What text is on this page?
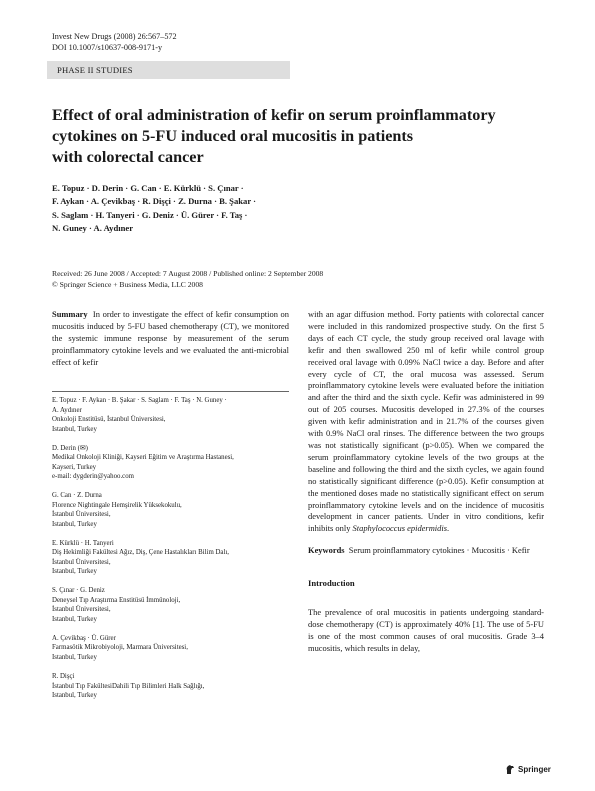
Invest New Drugs (2008) 26:567–572
DOI 10.1007/s10637-008-9171-y
PHASE II STUDIES
Effect of oral administration of kefir on serum proinflammatory
cytokines on 5-FU induced oral mucositis in patients
with colorectal cancer
E. Topuz · D. Derin · G. Can · E. Kürklü · S. Çınar ·
F. Aykan · A. Çevikbaş · R. Dişçi · Z. Durna · B. Şakar ·
S. Saglam · H. Tanyeri · G. Deniz · Ü. Gürer · F. Taş ·
N. Guney · A. Aydıner
Received: 26 June 2008 / Accepted: 7 August 2008 / Published online: 2 September 2008
© Springer Science + Business Media, LLC 2008
Summary In order to investigate the effect of kefir consumption on mucositis induced by 5-FU based chemotherapy (CT), we monitored the systemic immune response by measurement of the serum proinflammatory cytokine levels and we evaluated the anti-microbial effect of kefir
E. Topuz · F. Aykan · B. Şakar · S. Saglam · F. Taş · N. Guney ·
A. Aydıner
Onkoloji Enstitüsü, İstanbul Üniversitesi,
Istanbul, Turkey
D. Derin (✉)
Medikal Onkoloji Kliniği, Kayseri Eğitim ve Araştırma Hastanesi,
Kayseri, Turkey
e-mail: dygderin@yahoo.com
G. Can · Z. Durna
Florence Nightingale Hemşirelik Yüksekokulu,
İstanbul Üniversitesi,
Istanbul, Turkey
E. Kürklü · H. Tanyeri
Diş Hekimliği Fakültesi Ağız, Diş, Çene Hastalıkları Bilim Dalı,
İstanbul Üniversitesi,
Istanbul, Turkey
S. Çınar · G. Deniz
Deneysel Tıp Araştırma Enstitüsü İmmünoloji,
İstanbul Üniversitesi,
Istanbul, Turkey
A. Çevikbaş · Ü. Gürer
Farmasötik Mikrobiyoloji, Marmara Üniversitesi,
Istanbul, Turkey
R. Dişçi
İstanbul Tıp FakültesiDahili Tıp Bilimleri Halk Sağlığı,
Istanbul, Turkey
with an agar diffusion method. Forty patients with colorectal cancer were included in this randomized prospective study. On the first 5 days of each CT cycle, the study group received oral lavage with kefir and then swallowed 250 ml of kefir while control group received oral lavage with 0.09% NaCl twice a day. Before and after every cycle of CT, the oral mucosa was assessed. Serum proinflammatory cytokine levels were evaluated before the initiation and after the third and the sixth cycle. Kefir was administered in 99 out of 205 courses. Mucositis developed in 27.3% of the courses given with kefir administration and in 21.7% of the courses given with 0.9% NaCl oral rinses. The difference between the two groups was not statistically significant (p>0.05). When we compared the serum proinflammatory cytokine levels of the two groups at the baseline and following the third and the sixth cycles, we again found no statistically significant difference (p>0.05). Kefir consumption at the mentioned doses made no statistically significant effect on serum proinflammatory cytokine levels and on the incidence of mucositis development in cancer patients. Under in vitro conditions, kefir inhibits only Staphylococcus epidermidis.
Keywords Serum proinflammatory cytokines · Mucositis · Kefir
Introduction
The prevalence of oral mucositis in patients undergoing standard-dose chemotherapy (CT) is approximately 40% [1]. The use of 5-FU is one of the most common causes of oral mucositis. Grade 3–4 mucositis, which results in delay,
Springer
